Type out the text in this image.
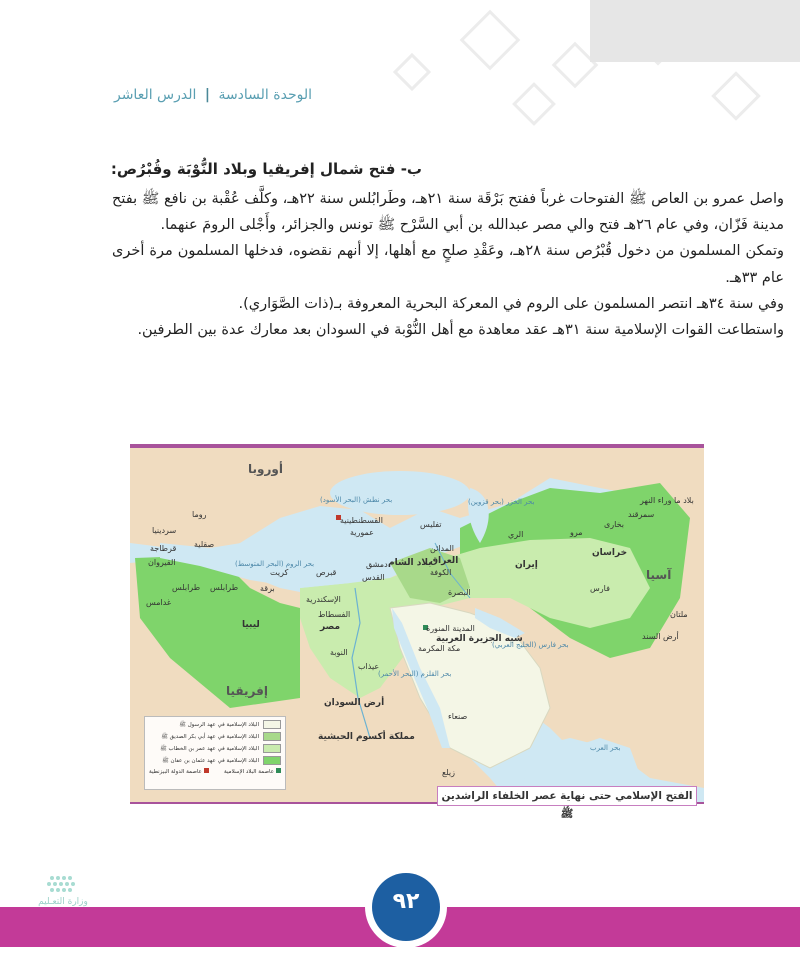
الوحدة السادسة | الدرس العاشر
ب- فتح شمال إفريقيا وبلاد النُّوْبَة وقُبْرُص:

واصل عمرو بن العاص ﷺ الفتوحات غرباً ففتح بَرْقَة سنة ٢١هـ، وطَرابُلس سنة ٢٢هـ، وكلَّف عُقْبة بن نافع ﷺ بفتح مدينة فَزّان، وفي عام ٢٦هـ فتح والي مصر عبدالله بن أبي السَّرْح ﷺ تونس والجزائر، وأَجْلى الرومَ عنهما.

وتمكن المسلمون من دخول قُبْرُص سنة ٢٨هـ، وعَقْدِ صلحٍ مع أهلها، إلا أنهم نقضوه، فدخلها المسلمون مرة أخرى عام ٣٣هـ.

وفي سنة ٣٤هـ انتصر المسلمون على الروم في المعركة البحرية المعروفة بـ(ذات الصَّوَاري).

واستطاعت القوات الإسلامية سنة ٣١هـ عقد معاهدة مع أهل النُّوْبة في السودان بعد معارك عدة بين الطرفين.

أوروبا
آسيا
إفريقيا
بحر نطش (البحر الأسود)
بحر الروم (البحر المتوسط)
بحر الخزر (بحر قزوين)
بحر القلزم (البحر الأحمر)
بحر فارس (الخليج العربي)
بحر العرب
القسطنطينية
عمورية
تفليس
روما
سردينيا
صقلية
قرطاجة
القيروان
طرابلس طرابلس	برقة
غدامس
ليبيا
كريت	قبرص
الإسكندرية
الفسطاط
مصر
دمشق
القدس
بلاد الشام
المدائن
العراق
الكوفة
البصرة
الري
إيران
خراسان
فارس
مرو
بخارى
سمرقند
بلاد ما وراء النهر
ملتان
أرض السند
النوبة
عيذاب
المدينة المنورة
مكة المكرمة
شبه الجزيرة العربية
أرض السودان
صنعاء
مملكة أكسوم الحبشية
زيلع
البلاد الإسلامية في عهد الرسول ﷺ
البلاد الإسلامية في عهد أبي بكر الصديق ﷺ
البلاد الإسلامية في عهد عمر بن الخطاب ﷺ
البلاد الإسلامية في عهد عثمان بن عفان ﷺ
عاصمة البلاد الإسلامية
عاصمة الدولة البيزنطية
الفتح الإسلامي حتى نهاية عصر الخلفاء الراشدين ﷺ
وزارة التعـليم	٩٢
